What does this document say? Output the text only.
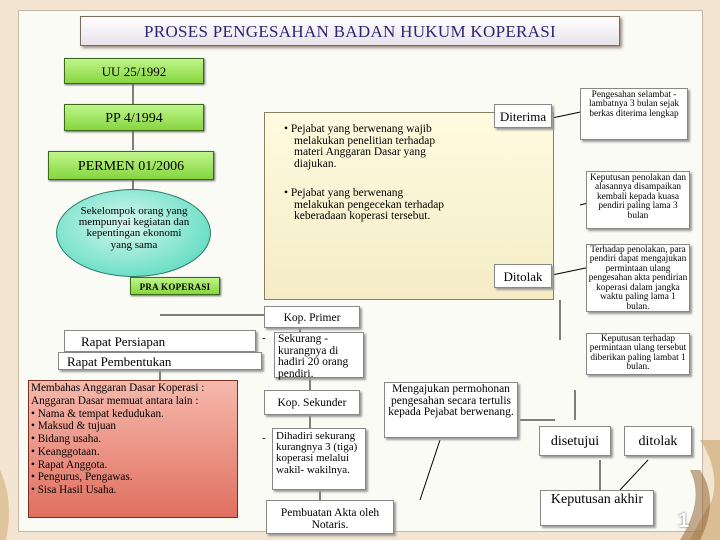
PROSES PENGESAHAN BADAN HUKUM KOPERASI
UU 25/1992
PP 4/1994
PERMEN 01/2006
Sekelompok orang yang mempunyai kegiatan dan kepentingan ekonomi yang sama
PRA KOPERASI
Rapat Persiapan
Rapat Pembentukan
Membahas Anggaran Dasar Koperasi : Anggaran Dasar memuat antara lain :
• Nama & tempat kedudukan.
• Maksud & tujuan
• Bidang usaha.
• Keanggotaan.
• Rapat Anggota.
• Pengurus, Pengawas.
• Sisa Hasil Usaha.
• Pejabat yang berwenang wajib melakukan penelitian terhadap materi Anggaran Dasar yang diajukan.
• Pejabat yang berwenang melakukan pengecekan terhadap keberadaan koperasi tersebut.
Diterima
Ditolak
Pengesahan selambat -lambatnya 3 bulan sejak berkas diterima lengkap
Keputusan penolakan dan alasannya disampaikan kembali kepada kuasa pendiri paling lama 3 bulan
Terhadap penolakan, para pendiri dapat mengajukan permintaan ulang pengesahan akta pendirian koperasi dalam jangka waktu paling lama 1 bulan.
Keputusan terhadap permintaan ulang tersebut diberikan paling lambat 1 bulan.
Kop. Primer
-	Sekurang - kurangnya di hadiri 20 orang pendiri.
Kop. Sekunder
- Dihadiri sekurang kurangnya 3 (tiga) koperasi melalui wakil- wakilnya.
Pembuatan Akta oleh Notaris.
Mengajukan permohonan pengesahan secara tertulis kepada Pejabat berwenang.
disetujui	ditolak
Keputusan akhir
1
